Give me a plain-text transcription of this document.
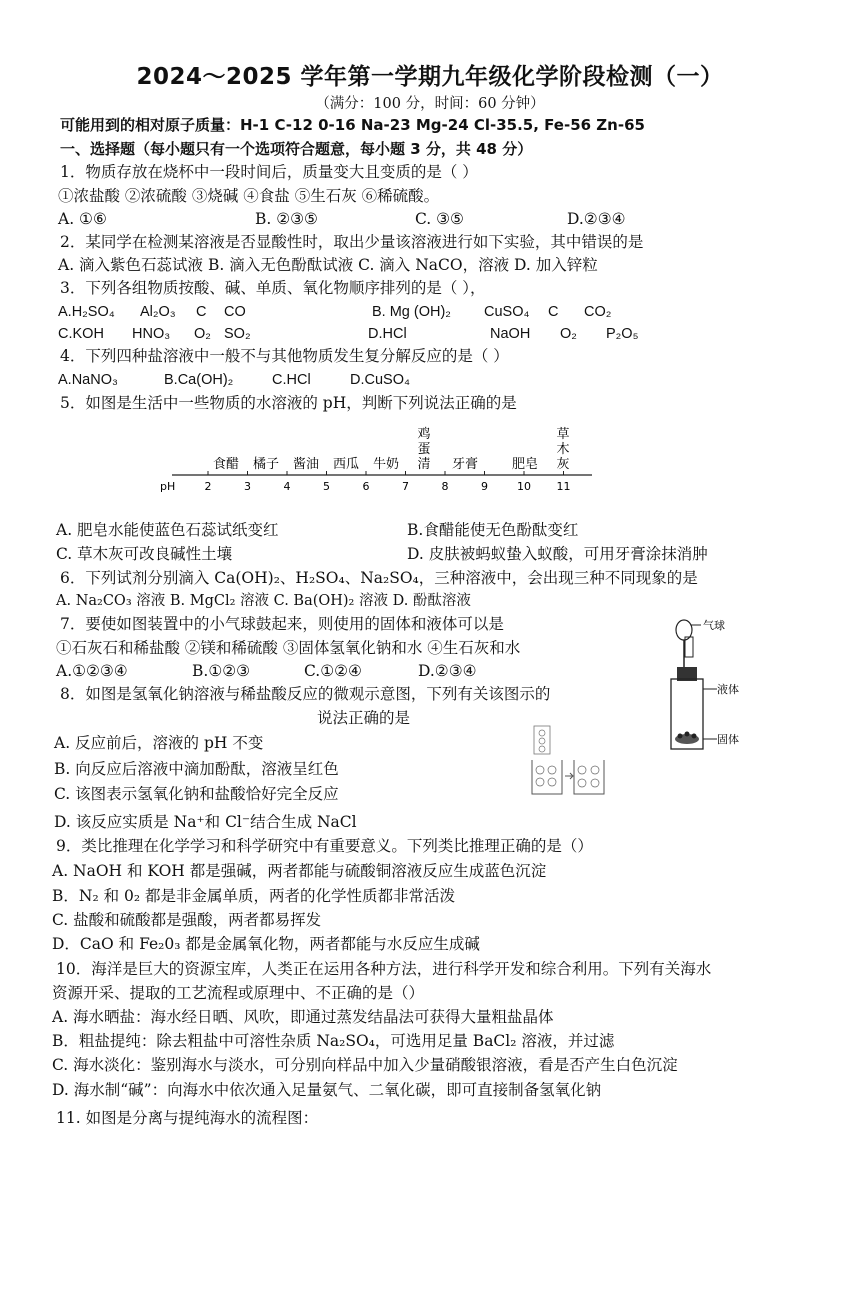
2024～2025 学年第一学期九年级化学阶段检测（一）
（满分：100 分，时间：60 分钟）
可能用到的相对原子质量：H-1 C-12 0-16 Na-23 Mg-24 Cl-35.5, Fe-56 Zn-65
一、选择题（每小题只有一个选项符合题意，每小题 3 分，共 48 分）
1．物质存放在烧杯中一段时间后，质量变大且变质的是（ ）
①浓盐酸 ②浓硫酸 ③烧碱 ④食盐 ⑤生石灰 ⑥稀硫酸。
A. ①⑥	B. ②③⑤	C. ③⑤	D.②③④
2．某同学在检测某溶液是否显酸性时，取出少量该溶液进行如下实验，其中错误的是
A. 滴入紫色石蕊试液 B. 滴入无色酚酞试液 C. 滴入 NaCO，溶液 D. 加入锌粒
3．下列各组物质按酸、碱、单质、氧化物顺序排列的是（ ），
A.H₂SO₄ Al₂O₃ C CO	B. Mg (OH)₂ CuSO₄ C CO₂
C.KOH HNO₃ O₂ SO₂	D.HCl	NaOH O₂ P₂O₅
4．下列四种盐溶液中一般不与其他物质发生复分解反应的是（ ）
A.NaNO₃	B.Ca(OH)₂	C.HCl	D.CuSO₄
5．如图是生活中一些物质的水溶液的 pH，判断下列说法正确的是
pH	2	3	4	5	6	7	8	9	10 11
食醋 橘子 酱油 西瓜 牛奶
鸡
蛋
清 牙膏	肥皂
草
木
灰
A. 肥皂水能使蓝色石蕊试纸变红	B.食醋能使无色酚酞变红
C. 草木灰可改良碱性土壤	D. 皮肤被蚂蚁蛰入蚁酸，可用牙膏涂抹消肿
6．下列试剂分别滴入 Ca(OH)₂、H₂SO₄、Na₂SO₄，三种溶液中，会出现三种不同现象的是
A. Na₂CO₃ 溶液 B. MgCl₂ 溶液 C. Ba(OH)₂ 溶液 D. 酚酞溶液
7．要使如图装置中的小气球鼓起来，则使用的固体和液体可以是
①石灰石和稀盐酸 ②镁和稀硫酸 ③固体氢氧化钠和水 ④生石灰和水
A.①②③④	B.①②③	C.①②④	D.②③④
气球
液体
固体
8．如图是氢氧化钠溶液与稀盐酸反应的微观示意图，下列有关该图示的
说法正确的是
A. 反应前后，溶液的 pH 不变
B. 向反应后溶液中滴加酚酞，溶液呈红色
C. 该图表示氢氧化钠和盐酸恰好完全反应
D. 该反应实质是 Na⁺和 Cl⁻结合生成 NaCl
9．类比推理在化学学习和科学研究中有重要意义。下列类比推理正确的是（）
A. NaOH 和 KOH 都是强碱，两者都能与硫酸铜溶液反应生成蓝色沉淀
B．N₂ 和 0₂ 都是非金属单质，两者的化学性质都非常活泼
C. 盐酸和硫酸都是强酸，两者都易挥发
D．CaO 和 Fe₂0₃ 都是金属氧化物，两者都能与水反应生成碱
10．海洋是巨大的资源宝库，人类正在运用各种方法，进行科学开发和综合利用。下列有关海水
资源开采、提取的工艺流程或原理中、不正确的是（）
A. 海水晒盐：海水经日晒、风吹，即通过蒸发结晶法可获得大量粗盐晶体
B．粗盐提纯：除去粗盐中可溶性杂质 Na₂SO₄，可选用足量 BaCl₂ 溶液，并过滤
C. 海水淡化：鉴别海水与淡水，可分别向样品中加入少量硝酸银溶液，看是否产生白色沉淀
D. 海水制“碱”：向海水中依次通入足量氨气、二氧化碳，即可直接制备氢氧化钠
11. 如图是分离与提纯海水的流程图：
